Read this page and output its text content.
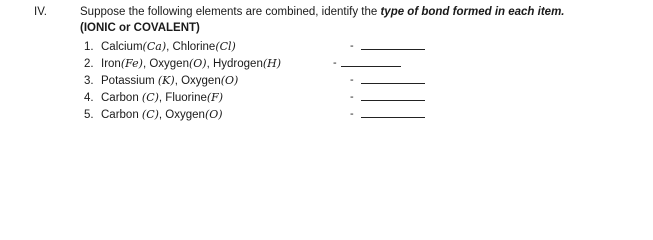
IV.	Suppose the following elements are combined, identify the type of bond formed in each item.
(IONIC or COVALENT)
1. Calcium(Ca), Chlorine(Cl)	-
2. Iron(Fe), Oxygen(O), Hydrogen(H)	-
3. Potassium (K), Oxygen(O)	-
4. Carbon (C), Fluorine(F)	-
5. Carbon (C), Oxygen(O)	-
